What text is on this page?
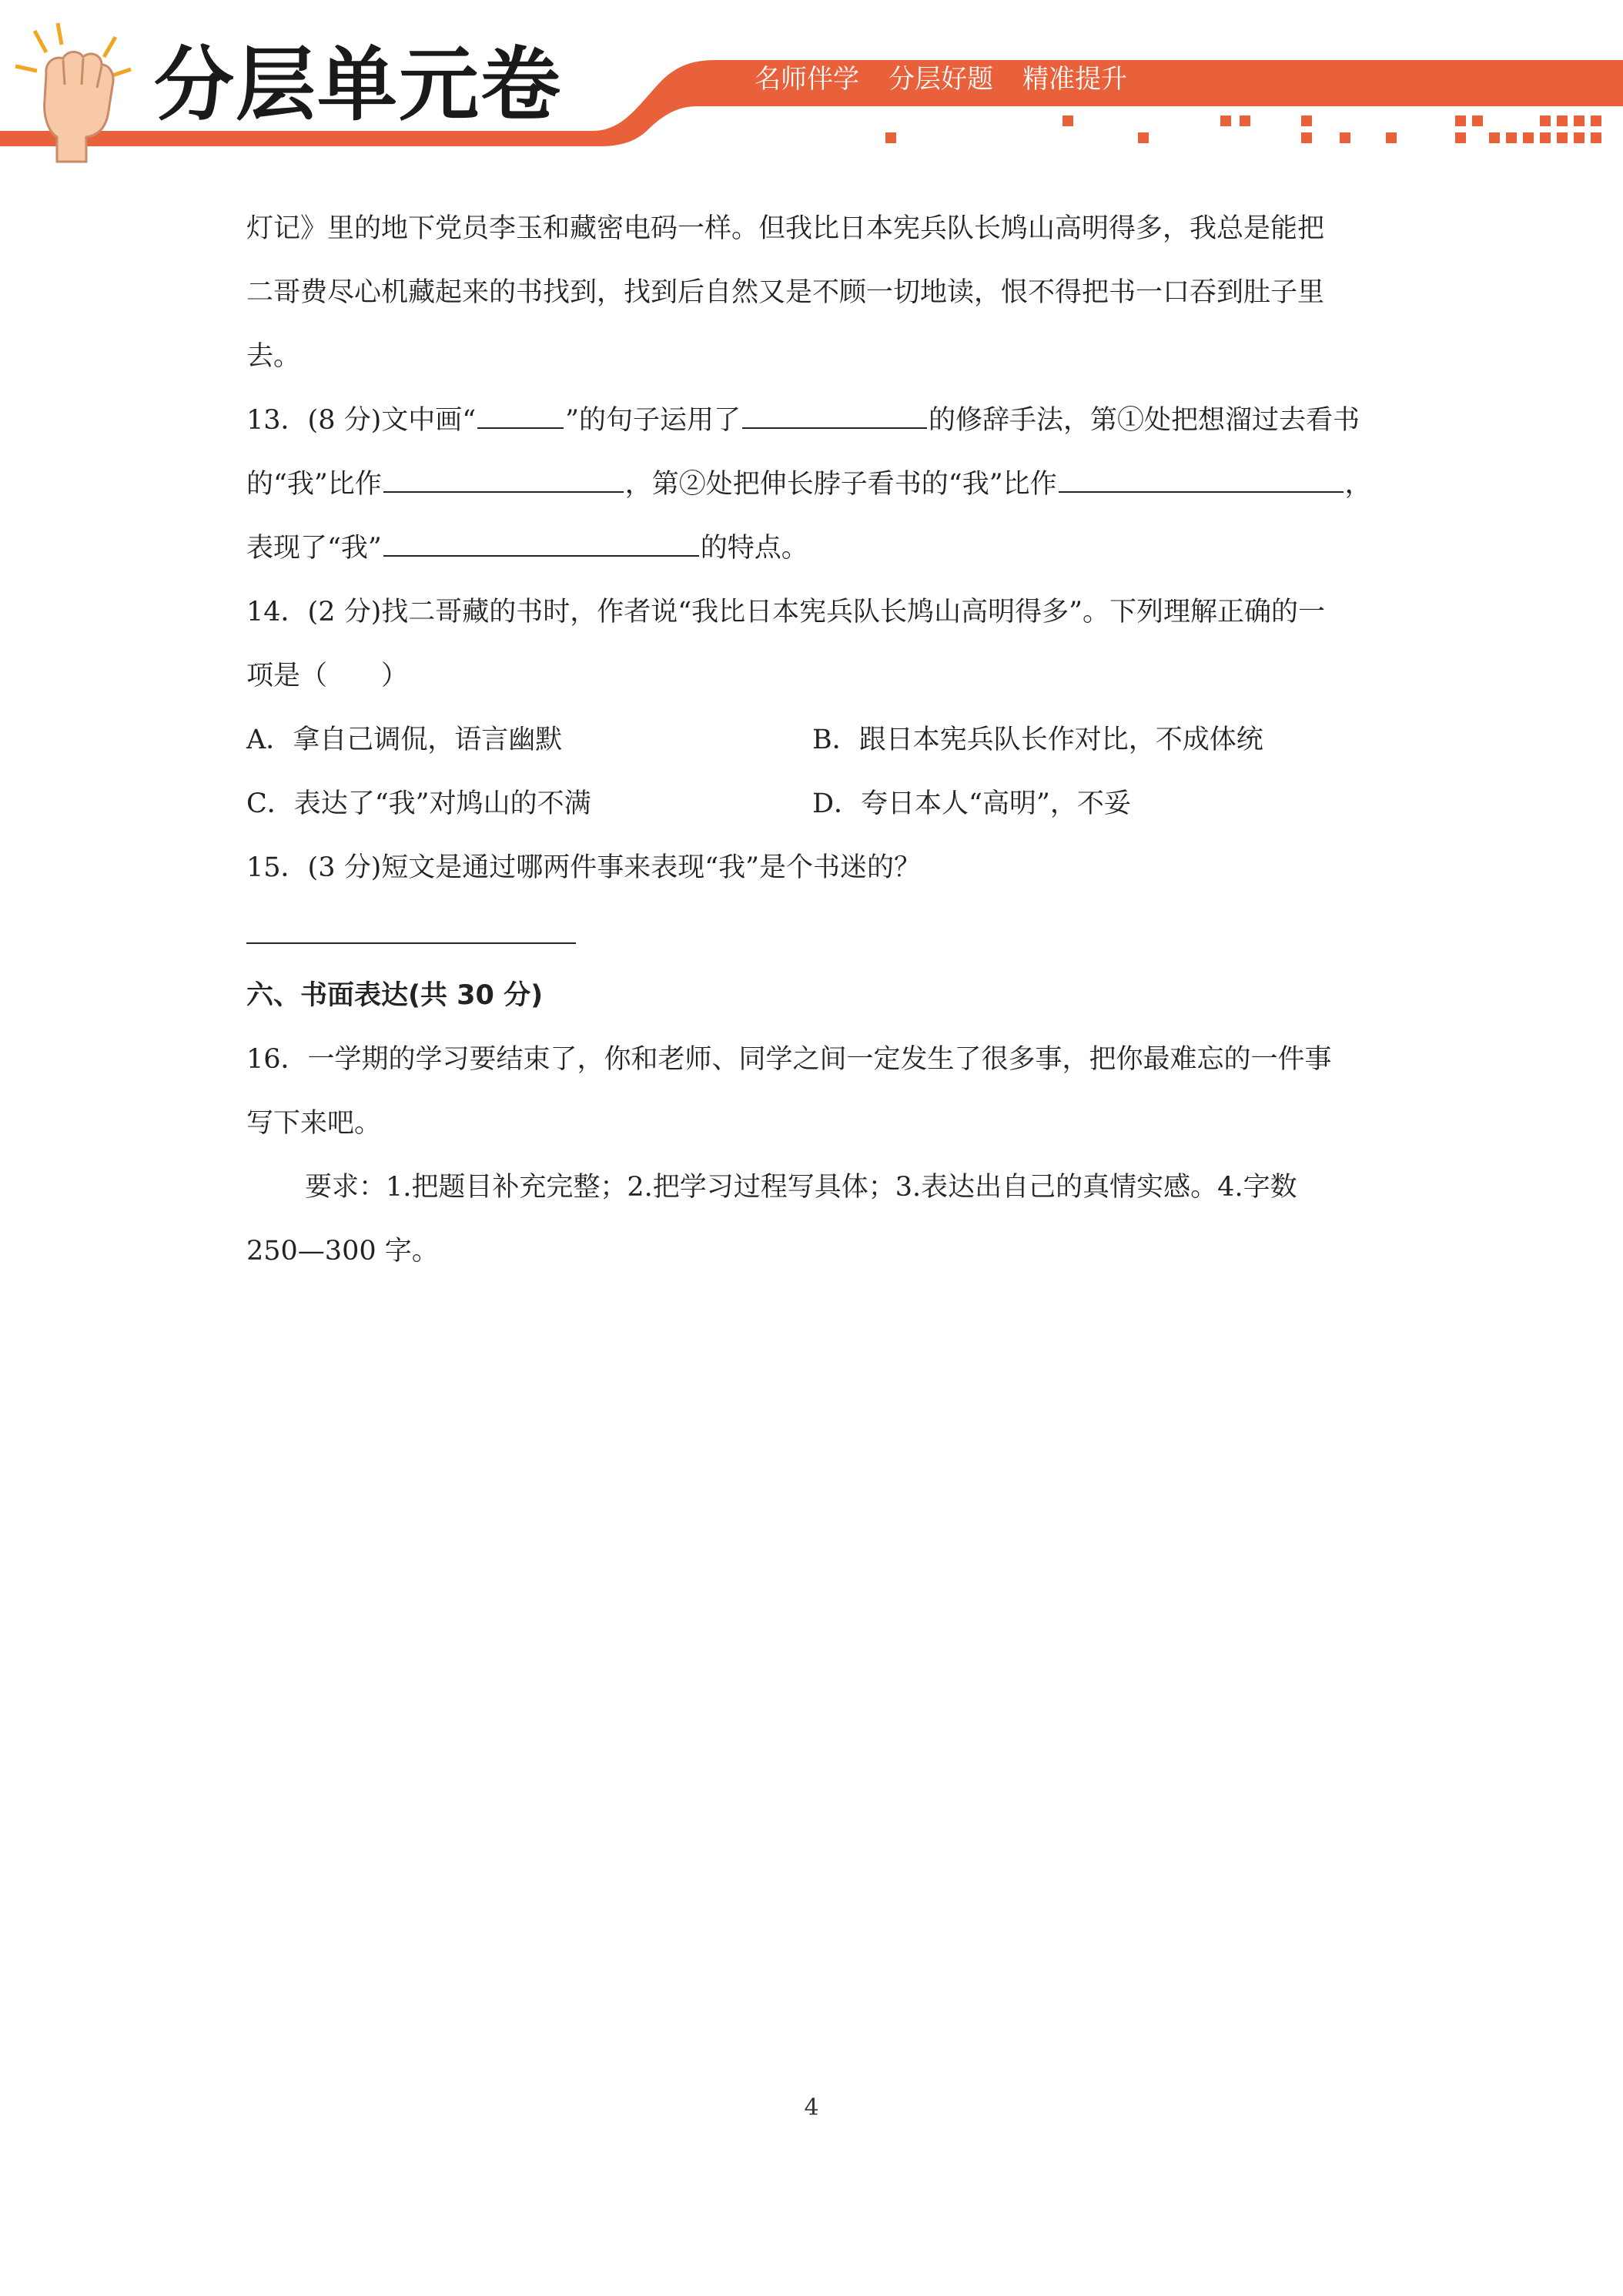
分层单元卷	名师伴学 分层好题 精准提升
灯记》里的地下党员李玉和藏密电码一样。但我比日本宪兵队长鸠山高明得多，我总是能把
二哥费尽心机藏起来的书找到，找到后自然又是不顾一切地读，恨不得把书一口吞到肚子里
去。
13．(8 分)文中画“	”的句子运用了	的修辞手法，第①处把想溜过去看书
的“我”比作	，第②处把伸长脖子看书的“我”比作	，
表现了“我”	的特点。
14．(2 分)找二哥藏的书时，作者说“我比日本宪兵队长鸠山高明得多”。下列理解正确的一
项是（　　）
A．拿自己调侃，语言幽默	B．跟日本宪兵队长作对比，不成体统
C．表达了“我”对鸠山的不满	D．夸日本人“高明”，不妥
15．(3 分)短文是通过哪两件事来表现“我”是个书迷的？
六、书面表达(共 30 分)
16．一学期的学习要结束了，你和老师、同学之间一定发生了很多事，把你最难忘的一件事
写下来吧。
要求：1.把题目补充完整；2.把学习过程写具体；3.表达出自己的真情实感。4.字数
250—300 字。
4
